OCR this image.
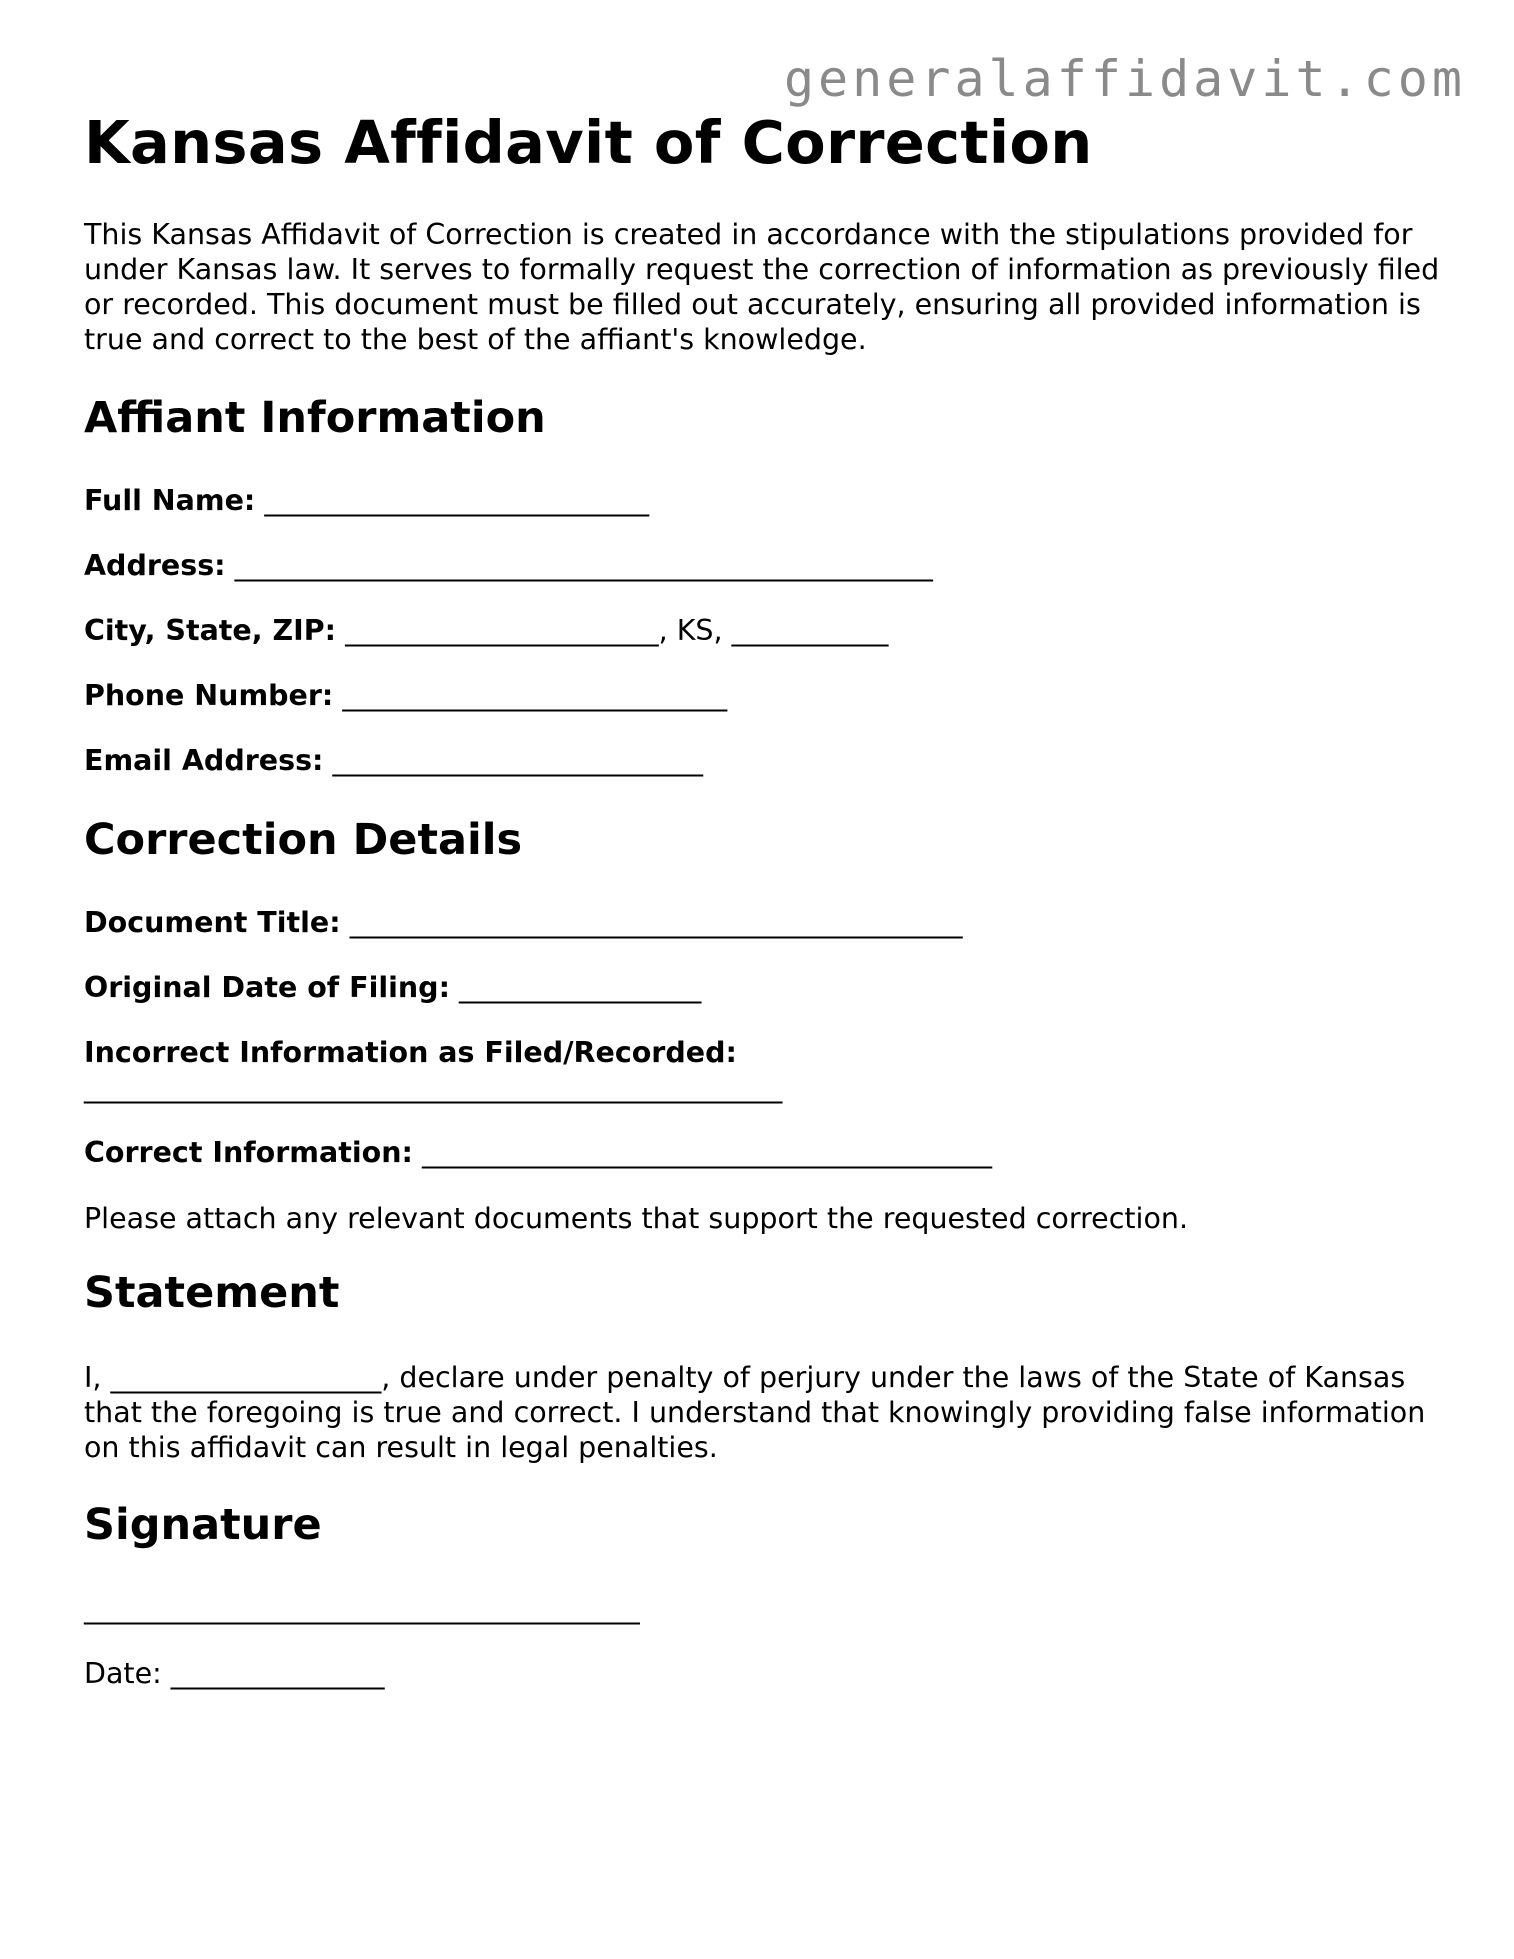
generalaffidavit.com
Kansas Affidavit of Correction

This Kansas Affidavit of Correction is created in accordance with the stipulations provided for under Kansas law. It serves to formally request the correction of information as previously filed or recorded. This document must be filled out accurately, ensuring all provided information is true and correct to the best of the affiant's knowledge.

Affiant Information

Full Name: ___________________________

Address: _________________________________________________

City, State, ZIP: ______________________, KS, ___________

Phone Number: ___________________________

Email Address: __________________________

Correction Details

Document Title: ___________________________________________

Original Date of Filing: _________________

Incorrect Information as Filed/Recorded:

_________________________________________________

Correct Information: ________________________________________

Please attach any relevant documents that support the requested correction.

Statement

I, ___________________, declare under penalty of perjury under the laws of the State of Kansas that the foregoing is true and correct. I understand that knowingly providing false information on this affidavit can result in legal penalties.

Signature

_______________________________________

Date: _______________
